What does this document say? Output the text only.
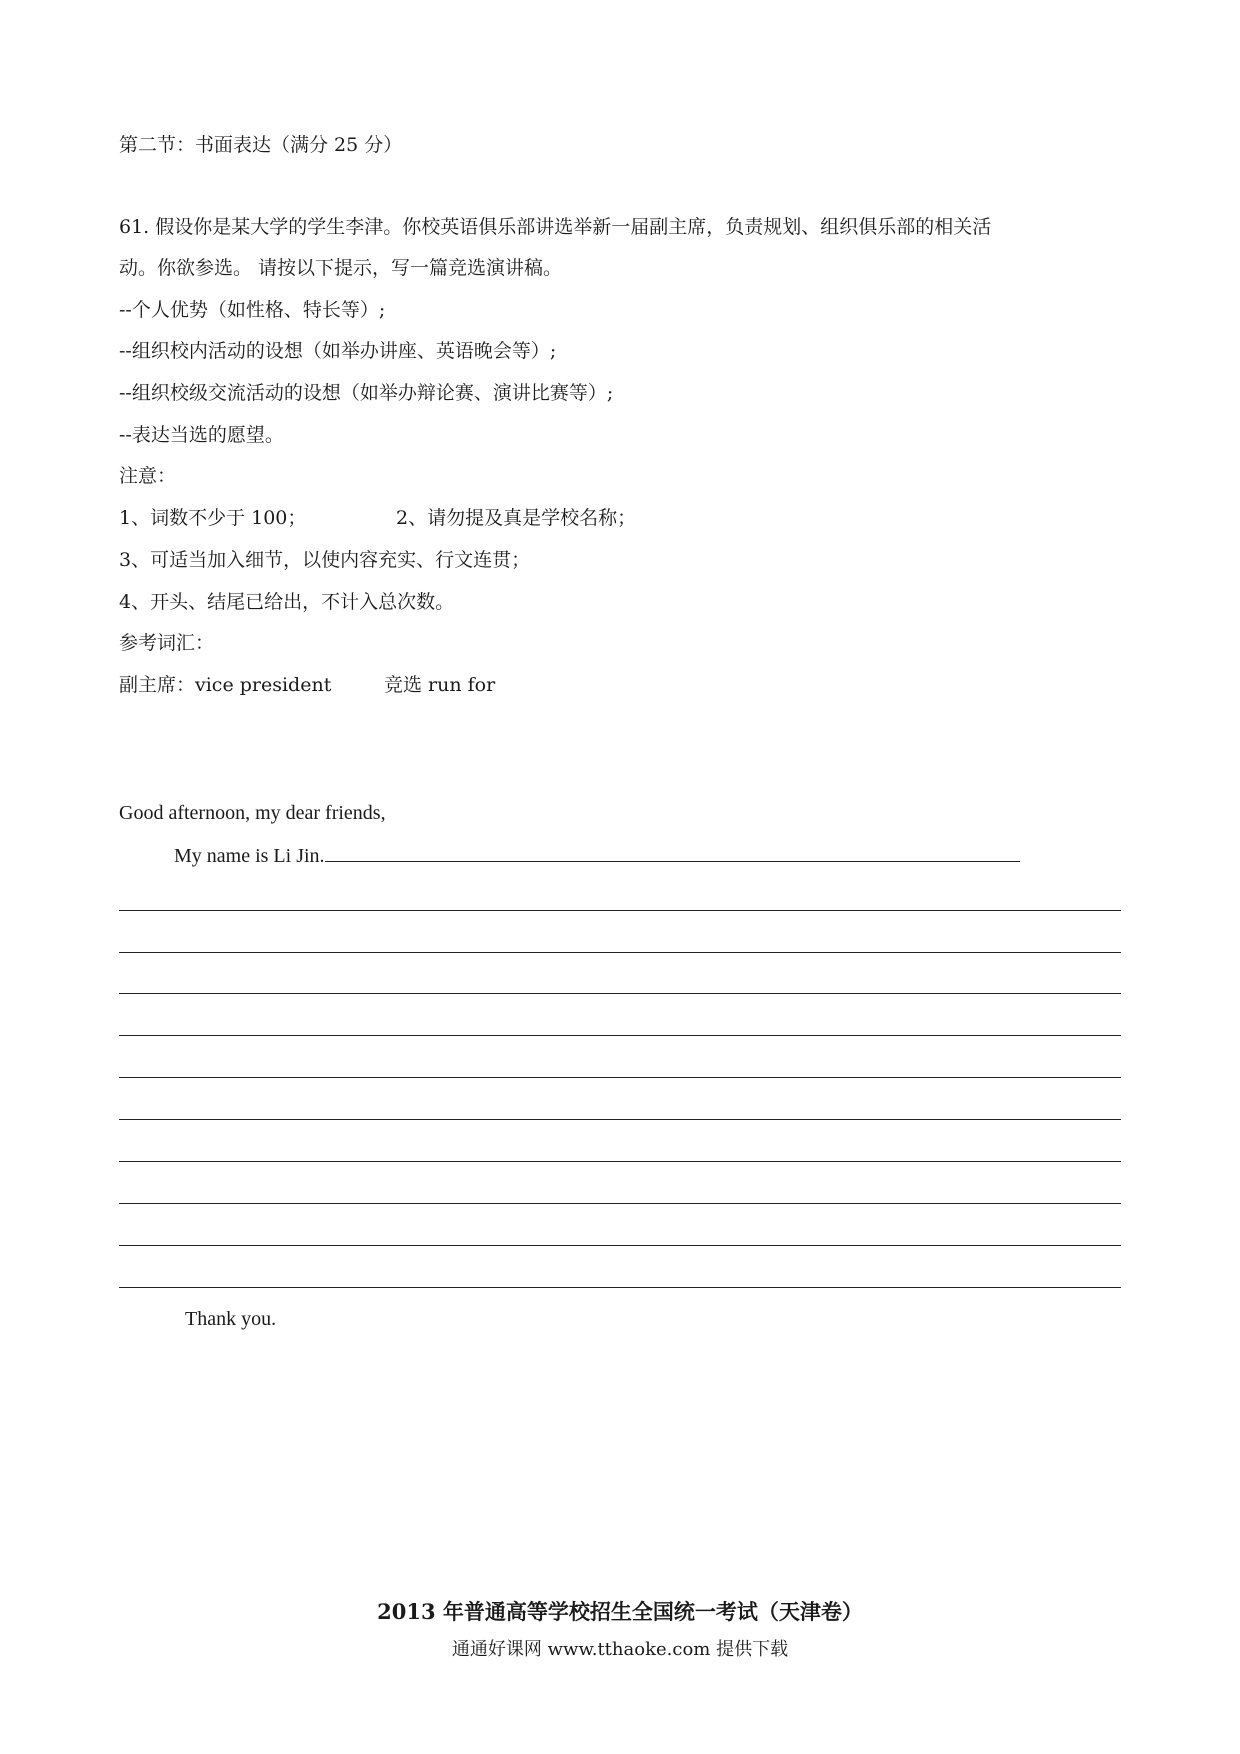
第二节：书面表达（满分 25 分）
61. 假设你是某大学的学生李津。你校英语俱乐部讲选举新一届副主席，负责规划、组织俱乐部的相关活
动。你欲参选。 请按以下提示，写一篇竞选演讲稿。
--个人优势（如性格、特长等）;
--组织校内活动的设想（如举办讲座、英语晚会等）;
--组织校级交流活动的设想（如举办辩论赛、演讲比赛等）;
--表达当选的愿望。
注意：
1、词数不少于 100；	2、请勿提及真是学校名称；
3、可适当加入细节，以使内容充实、行文连贯；
4、开头、结尾已给出，不计入总次数。
参考词汇：
副主席：vice president	竞选 run for
Good afternoon, my dear friends,
My name is Li Jin.
Thank you.
2013 年普通高等学校招生全国统一考试（天津卷）
通通好课网 www.tthaoke.com 提供下载
